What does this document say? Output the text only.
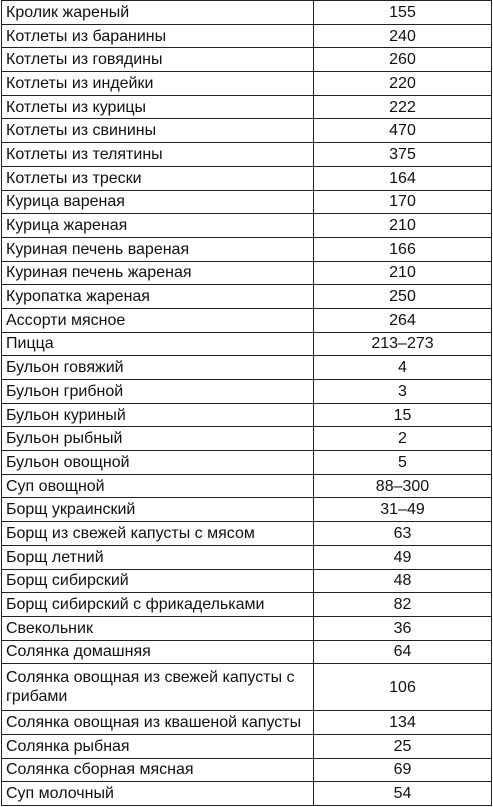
Кролик жареный	155
Котлеты из баранины	240
Котлеты из говядины	260
Котлеты из индейки	220
Котлеты из курицы	222
Котлеты из свинины	470
Котлеты из телятины	375
Котлеты из трески	164
Курица вареная	170
Курица жареная	210
Куриная печень вареная	166
Куриная печень жареная	210
Куропатка жареная	250
Ассорти мясное	264
Пицца	213–273
Бульон говяжий	4
Бульон грибной	3
Бульон куриный	15
Бульон рыбный	2
Бульон овощной	5
Суп овощной	88–300
Борщ украинский	31–49
Борщ из свежей капусты с мясом	63
Борщ летний	49
Борщ сибирский	48
Борщ сибирский с фрикадельками	82
Свекольник	36
Солянка домашняя	64
Солянка овощная из свежей капусты с грибами	106
Солянка овощная из квашеной капусты	134
Солянка рыбная	25
Солянка сборная мясная	69
Суп молочный	54
